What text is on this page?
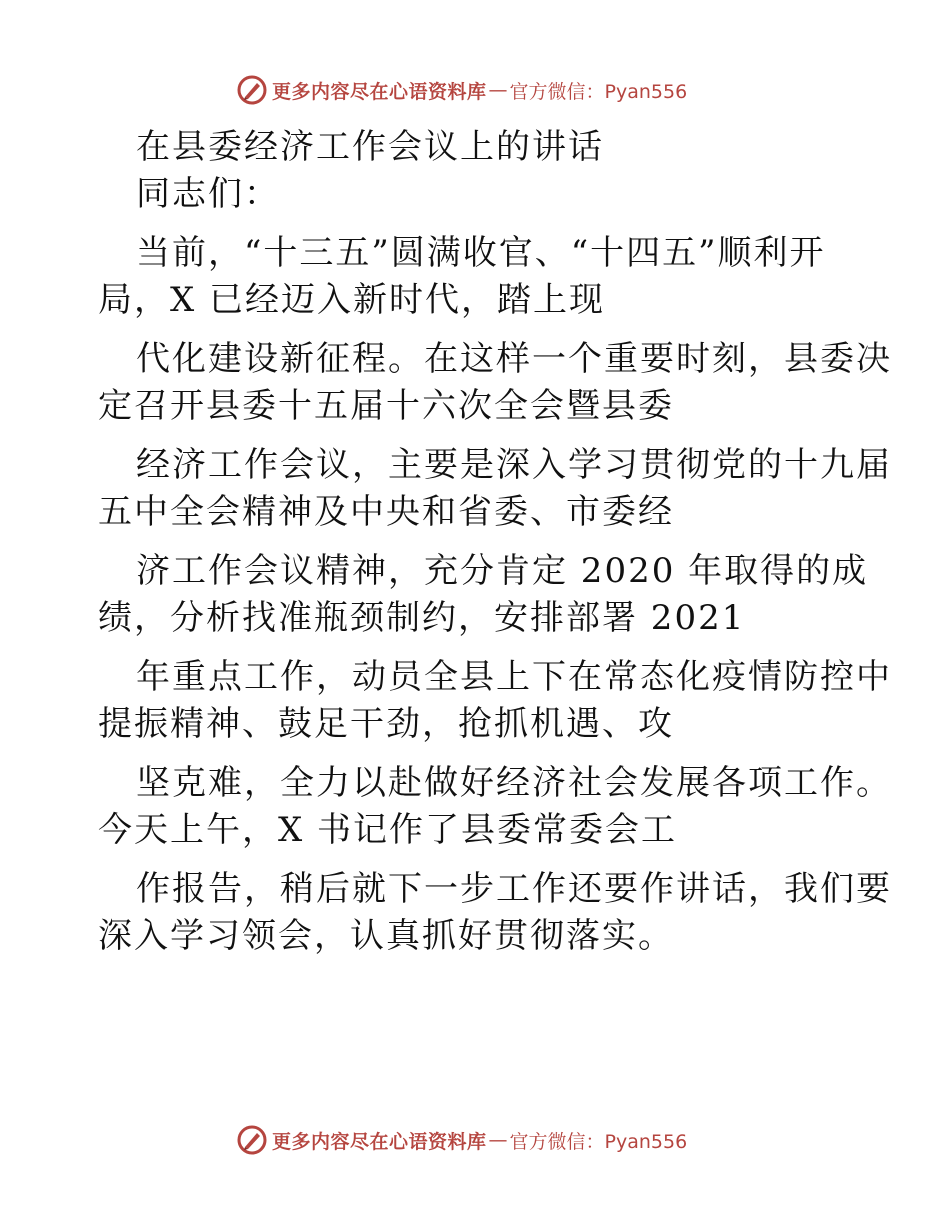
更多内容尽在心语资料库 — 官方微信：Pyan556
在县委经济工作会议上的讲话
同志们：
当前，“十三五”圆满收官、“十四五”顺利开
局，X 已经迈入新时代，踏上现
代化建设新征程。在这样一个重要时刻，县委决
定召开县委十五届十六次全会暨县委
经济工作会议，主要是深入学习贯彻党的十九届
五中全会精神及中央和省委、市委经
济工作会议精神，充分肯定 2020 年取得的成
绩，分析找准瓶颈制约，安排部署 2021
年重点工作，动员全县上下在常态化疫情防控中
提振精神、鼓足干劲，抢抓机遇、攻
坚克难，全力以赴做好经济社会发展各项工作。
今天上午，X 书记作了县委常委会工
作报告，稍后就下一步工作还要作讲话，我们要
深入学习领会，认真抓好贯彻落实。
更多内容尽在心语资料库 — 官方微信：Pyan556
